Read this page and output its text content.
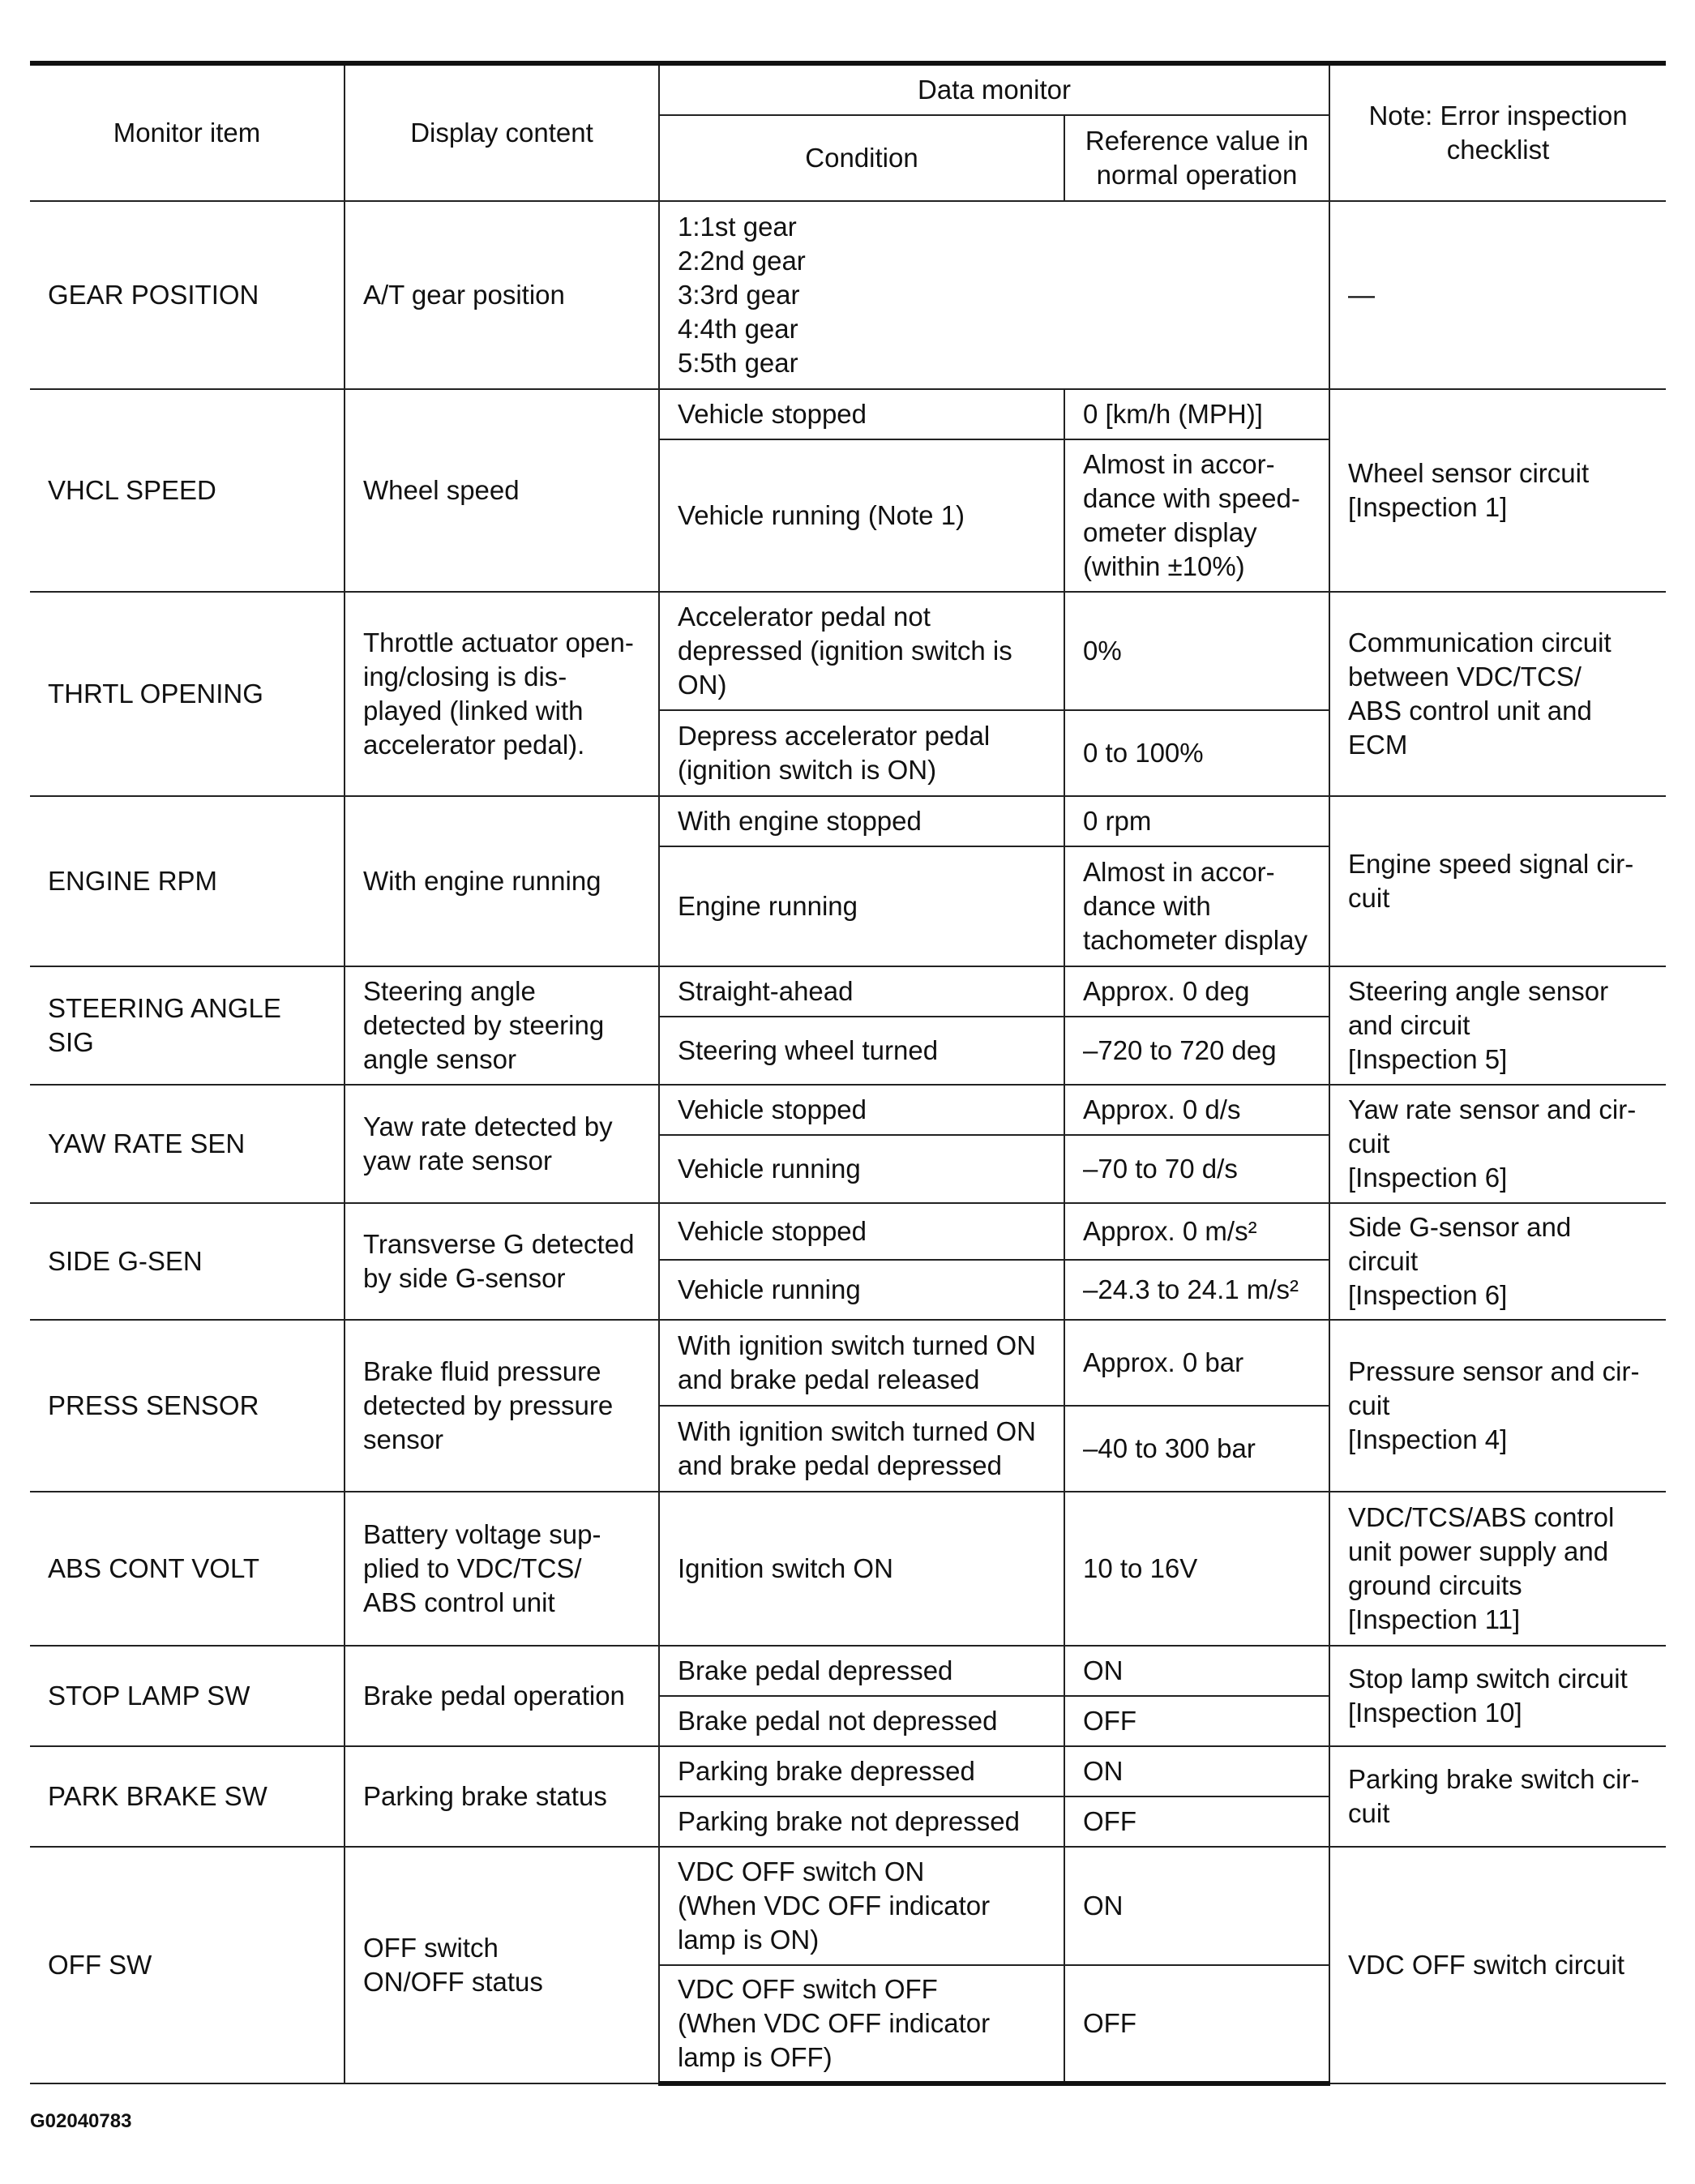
Monitor item	Display content	Data monitor		Note: Error inspection
checklist

		Condition	Reference value in
normal operation	

GEAR POSITION	A/T gear position	1:1st gear
2:2nd gear
3:3rd gear
4:4th gear
5:5th gear		—

VHCL SPEED	Wheel speed	Vehicle stopped	0 [km/h (MPH)]	Wheel sensor circuit
[Inspection 1]

		Vehicle running (Note 1)	Almost in accor-
dance with speed-
ometer display
(within ±10%)	

THRTL OPENING	Throttle actuator open-
ing/closing is dis-
played (linked with
accelerator pedal).	Accelerator pedal not
depressed (ignition switch is
ON)	0%	Communication circuit
between VDC/TCS/
ABS control unit and
ECM

		Depress accelerator pedal
(ignition switch is ON)	0 to 100%	

ENGINE RPM	With engine running	With engine stopped	0 rpm	Engine speed signal cir-
cuit

		Engine running	Almost in accor-
dance with
tachometer display	

STEERING ANGLE
SIG	Steering angle
detected by steering
angle sensor	Straight-ahead	Approx. 0 deg	Steering angle sensor
and circuit
[Inspection 5]

		Steering wheel turned	–720 to 720 deg	

YAW RATE SEN	Yaw rate detected by
yaw rate sensor	Vehicle stopped	Approx. 0 d/s	Yaw rate sensor and cir-
cuit
[Inspection 6]

		Vehicle running	–70 to 70 d/s	

SIDE G-SEN	Transverse G detected
by side G-sensor	Vehicle stopped	Approx. 0 m/s²	Side G-sensor and circuit
[Inspection 6]

		Vehicle running	–24.3 to 24.1 m/s²	

PRESS SENSOR	Brake fluid pressure
detected by pressure
sensor	With ignition switch turned ON
and brake pedal released	Approx. 0 bar	Pressure sensor and cir-
cuit
[Inspection 4]

		With ignition switch turned ON
and brake pedal depressed	–40 to 300 bar	

ABS CONT VOLT	Battery voltage sup-
plied to VDC/TCS/
ABS control unit	Ignition switch ON	10 to 16V	VDC/TCS/ABS control
unit power supply and
ground circuits
[Inspection 11]

STOP LAMP SW	Brake pedal operation	Brake pedal depressed	ON	Stop lamp switch circuit
[Inspection 10]

		Brake pedal not depressed	OFF	

PARK BRAKE SW	Parking brake status	Parking brake depressed	ON	Parking brake switch cir-
cuit

		Parking brake not depressed	OFF	

OFF SW	OFF switch
ON/OFF status	VDC OFF switch ON
(When VDC OFF indicator
lamp is ON)	ON	VDC OFF switch circuit

		VDC OFF switch OFF
(When VDC OFF indicator
lamp is OFF)	OFF	
G02040783
